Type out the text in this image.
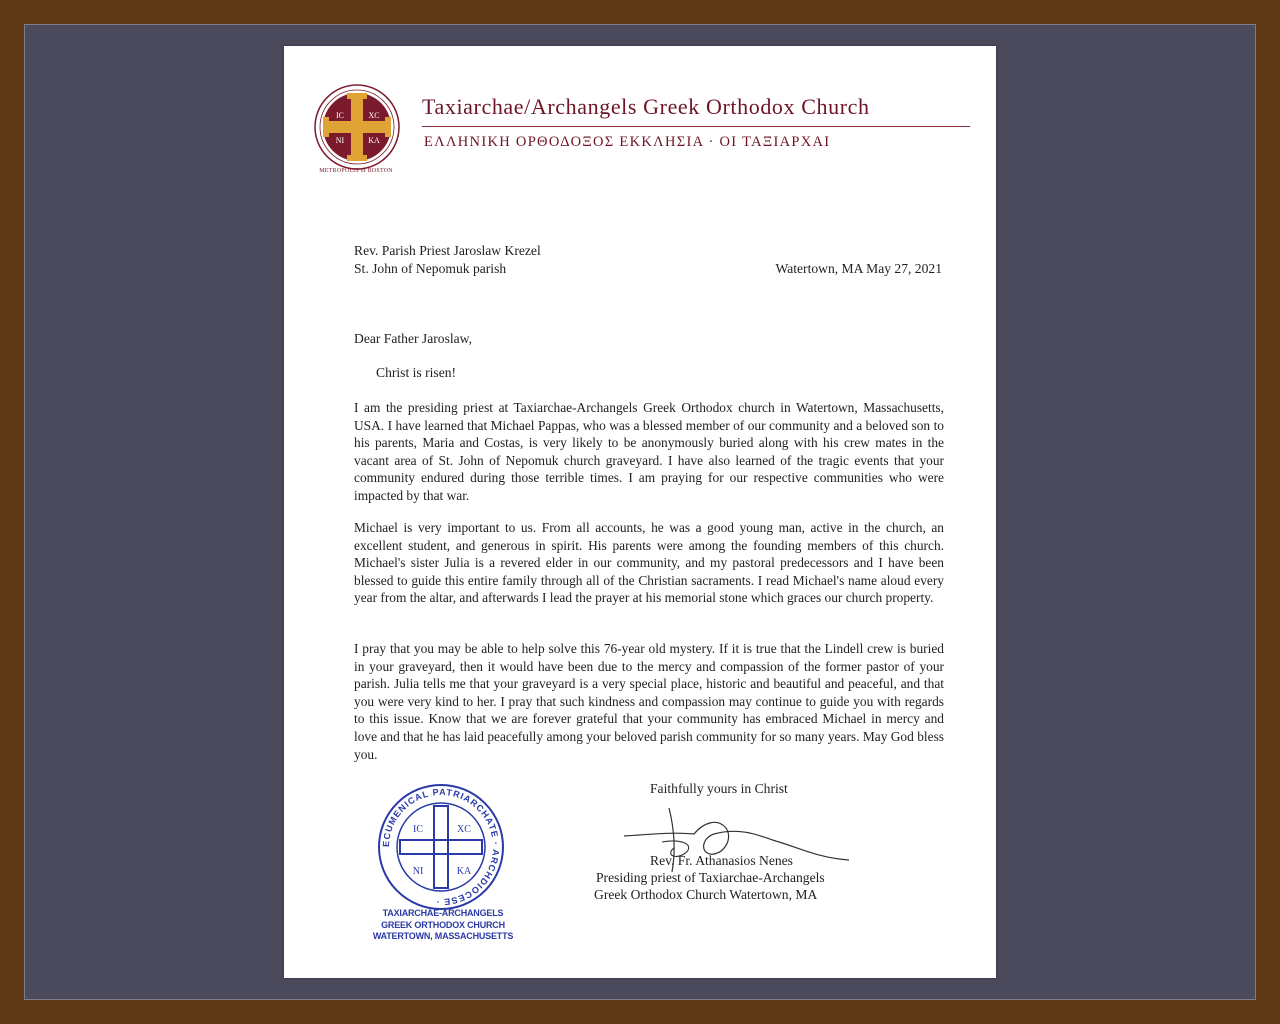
IC	XC
NI	KA
METROPOLIS of BOSTON
Taxiarchae/Archangels Greek Orthodox Church
ΕΛΛΗΝΙΚΗ ΟΡΘΟΔΟΞΟΣ ΕΚΚΛΗΣΙΑ · ΟΙ ΤΑΞΙΑΡΧΑΙ
Rev. Parish Priest Jaroslaw Krezel
St. John of Nepomuk parish	Watertown, MA May 27, 2021
Dear Father Jaroslaw,
Christ is risen!
I am the presiding priest at Taxiarchae-Archangels Greek Orthodox church in Watertown, Massachusetts, USA. I have learned that Michael Pappas, who was a blessed member of our community and a beloved son to his parents, Maria and Costas, is very likely to be anonymously buried along with his crew mates in the vacant area of St. John of Nepomuk church graveyard. I have also learned of the tragic events that your community endured during those terrible times. I am praying for our respective communities who were impacted by that war.
Michael is very important to us. From all accounts, he was a good young man, active in the church, an excellent student, and generous in spirit. His parents were among the founding members of this church. Michael's sister Julia is a revered elder in our community, and my pastoral predecessors and I have been blessed to guide this entire family through all of the Christian sacraments. I read Michael's name aloud every year from the altar, and afterwards I lead the prayer at his memorial stone which graces our church property.
I pray that you may be able to help solve this 76-year old mystery. If it is true that the Lindell crew is buried in your graveyard, then it would have been due to the mercy and compassion of the former pastor of your parish. Julia tells me that your graveyard is a very special place, historic and beautiful and peaceful, and that you were very kind to her. I pray that such kindness and compassion may continue to guide you with regards to this issue. Know that we are forever grateful that your community has embraced Michael in mercy and love and that he has laid peacefully among your beloved parish community for so many years. May God bless you.
Faithfully yours in Christ
Rev. Fr. Athanasios Nenes
Presiding priest of Taxiarchae-Archangels
Greek Orthodox Church Watertown, MA
ECUMENICAL PATRIARCHATE · ARCHDIOCESE ·
IC	XC
NI	KA
TAXIARCHAE-ARCHANGELS
GREEK ORTHODOX CHURCH
WATERTOWN, MASSACHUSETTS
